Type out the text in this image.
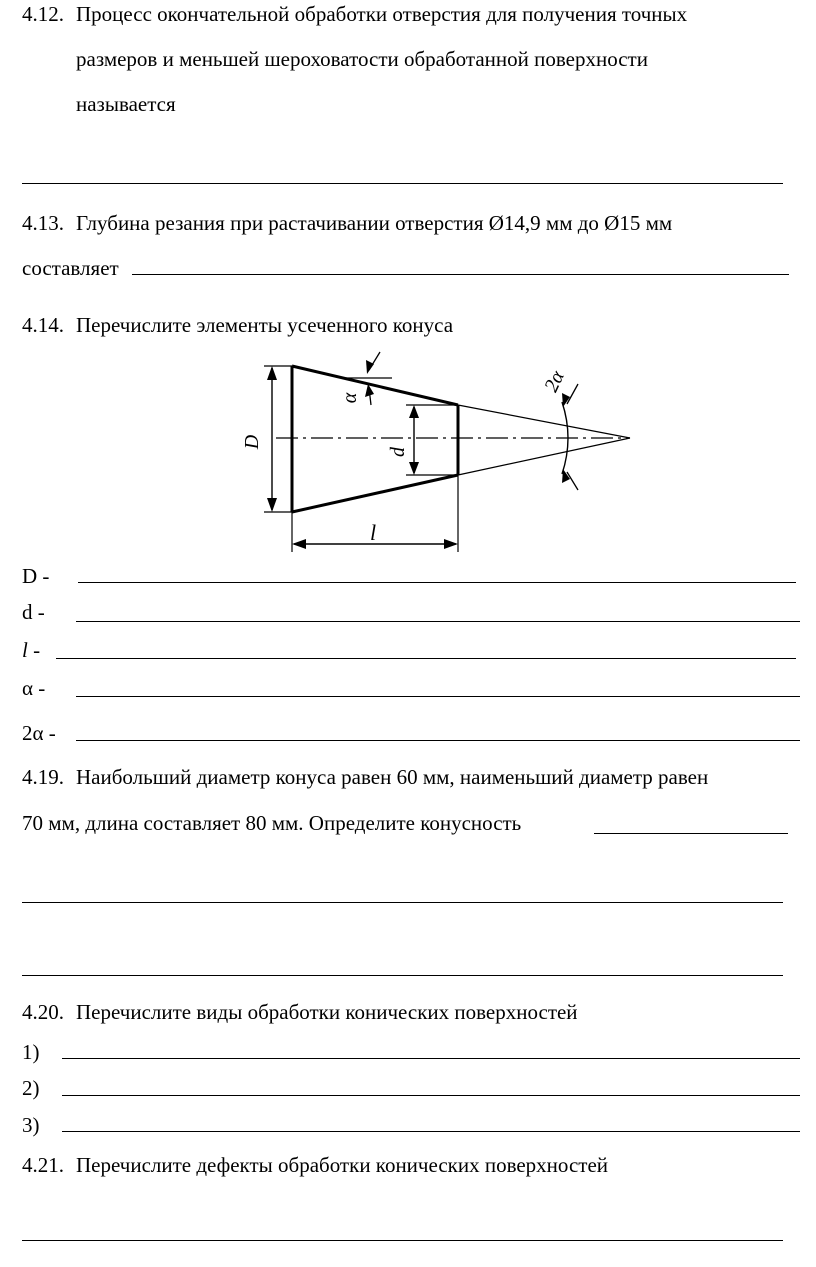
4.12. Процесс окончательной обработки отверстия для получения точных
размеров и меньшей шероховатости обработанной поверхности
называется
4.13. Глубина резания при растачивании отверстия Ø14,9 мм до Ø15 мм
составляет
4.14. Перечислите элементы усеченного конуса
D
d
α
l
2α
D -
d -
l -
α -
2α -
4.19. Наибольший диаметр конуса равен 60 мм, наименьший диаметр равен
70 мм, длина составляет 80 мм. Определите конусность
4.20. Перечислите виды обработки конических поверхностей
1)
2)
3)
4.21. Перечислите дефекты обработки конических поверхностей
